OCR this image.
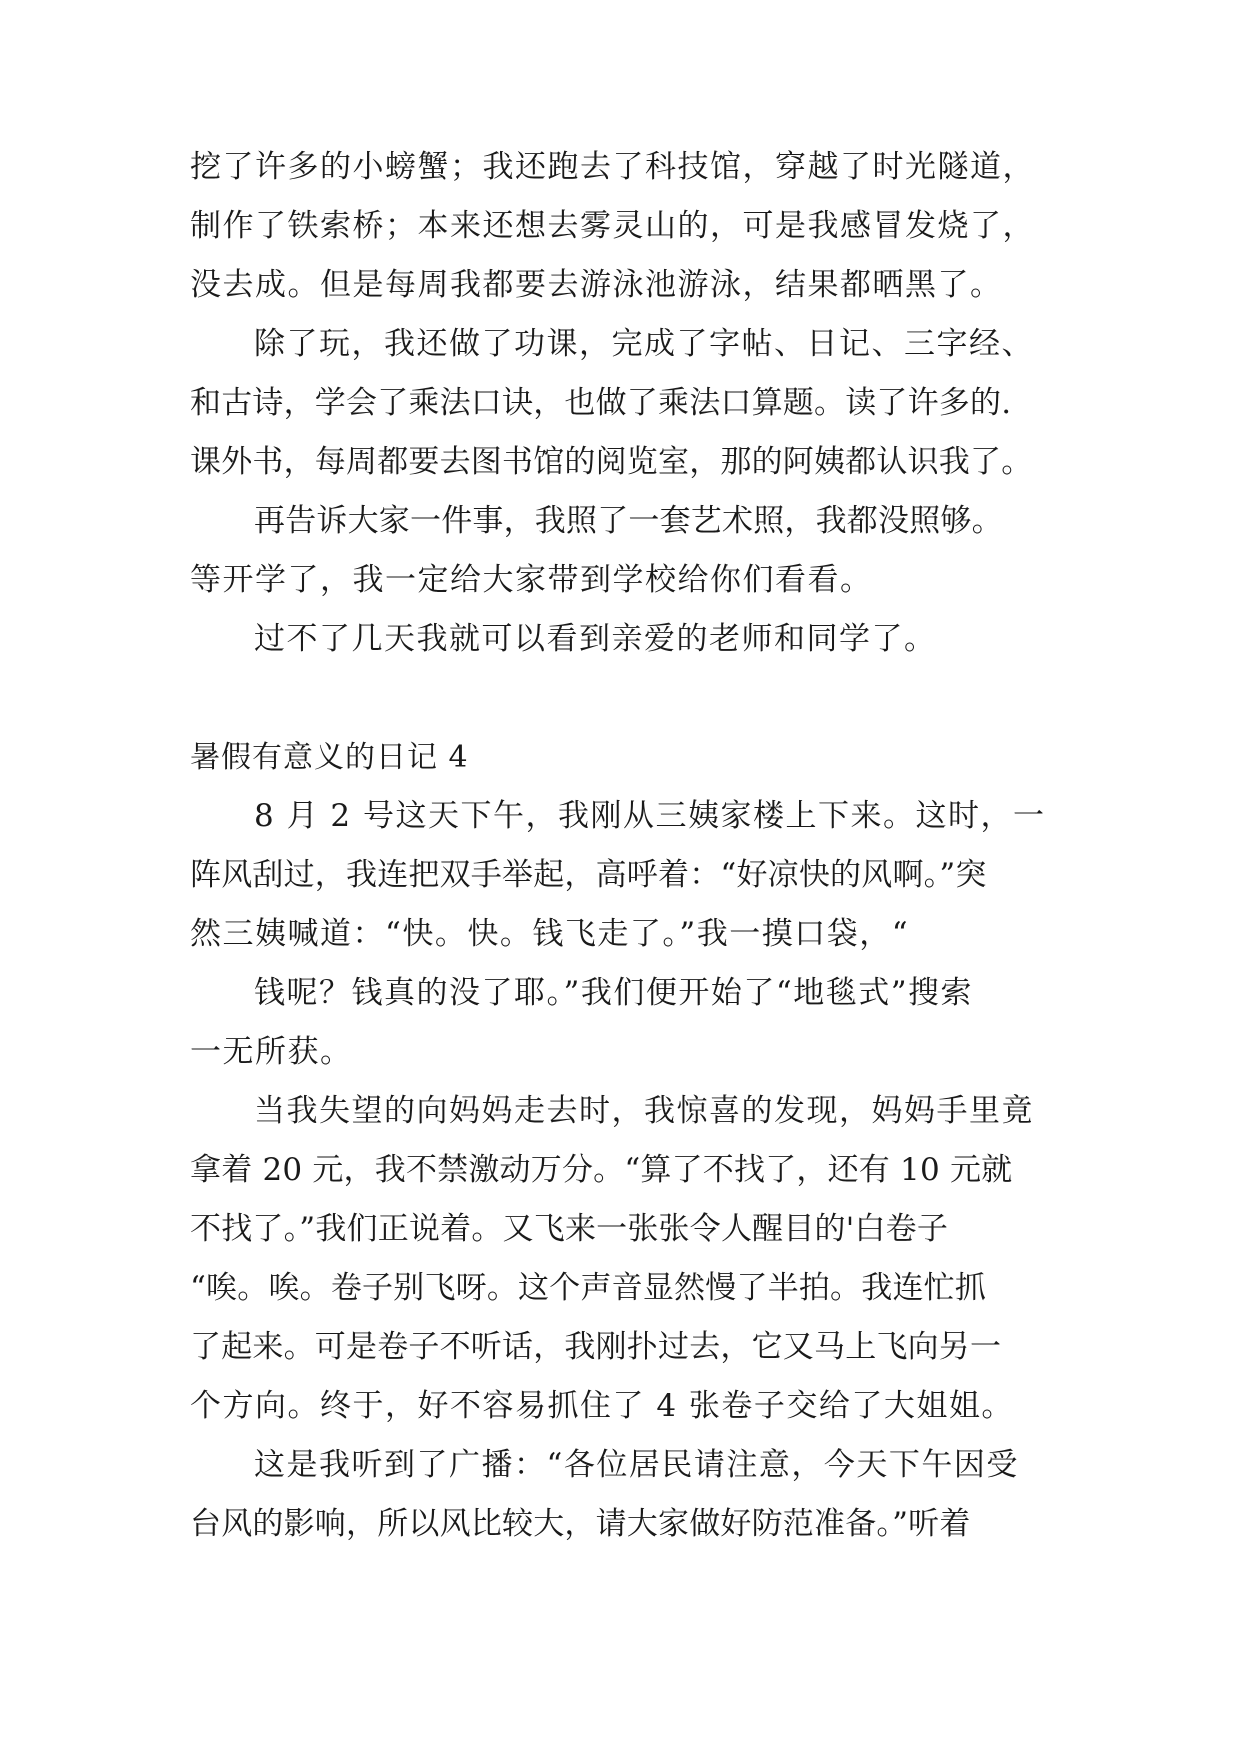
挖了许多的小螃蟹；我还跑去了科技馆，穿越了时光隧道，
制作了铁索桥；本来还想去雾灵山的，可是我感冒发烧了，
没去成。但是每周我都要去游泳池游泳，结果都晒黑了。
除了玩，我还做了功课，完成了字帖、日记、三字经、
和古诗，学会了乘法口诀，也做了乘法口算题。读了许多的.
课外书，每周都要去图书馆的阅览室，那的阿姨都认识我了。
再告诉大家一件事，我照了一套艺术照，我都没照够。
等开学了，我一定给大家带到学校给你们看看。
过不了几天我就可以看到亲爱的老师和同学了。
暑假有意义的日记 4
8 月 2 号这天下午，我刚从三姨家楼上下来。这时，一
阵风刮过，我连把双手举起，高呼着：“好凉快的风啊。”突
然三姨喊道：“快。快。钱飞走了。”我一摸口袋，“
钱呢？钱真的没了耶。”我们便开始了“地毯式”搜索
一无所获。
当我失望的向妈妈走去时，我惊喜的发现，妈妈手里竟
拿着 20 元，我不禁激动万分。“算了不找了，还有 10 元就
不找了。”我们正说着。又飞来一张张令人醒目的'白卷子
“唉。唉。卷子别飞呀。这个声音显然慢了半拍。我连忙抓
了起来。可是卷子不听话，我刚扑过去，它又马上飞向另一
个方向。终于，好不容易抓住了 4 张卷子交给了大姐姐。
这是我听到了广播：“各位居民请注意，今天下午因受
台风的影响，所以风比较大，请大家做好防范准备。”听着
